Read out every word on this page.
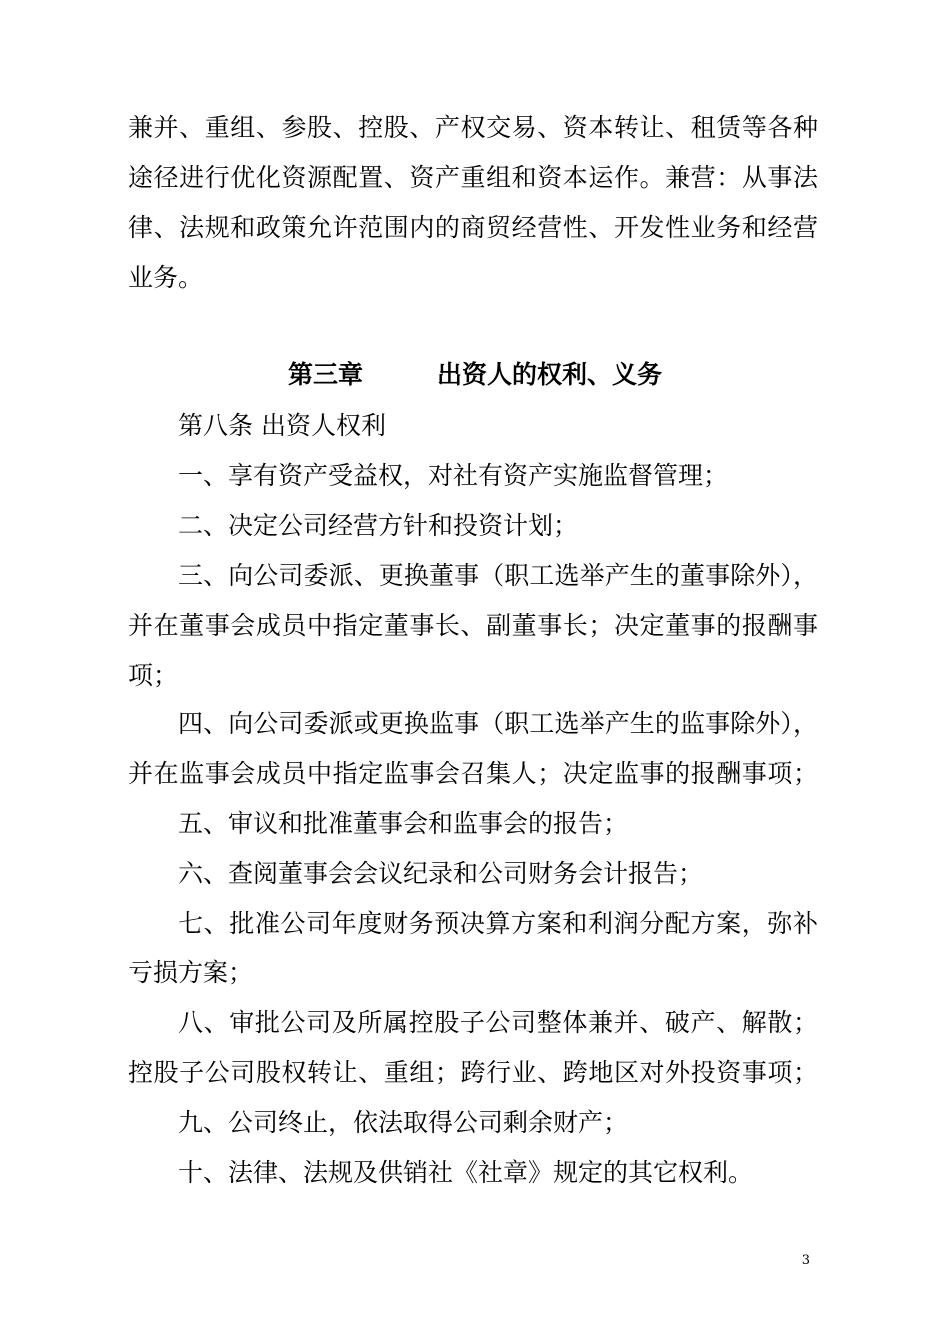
兼并、重组、参股、控股、产权交易、资本转让、租赁等各种
途径进行优化资源配置、资产重组和资本运作。兼营：从事法
律、法规和政策允许范围内的商贸经营性、开发性业务和经营
业务。
第三章	出资人的权利、义务
第八条 出资人权利
一、享有资产受益权，对社有资产实施监督管理；
二、决定公司经营方针和投资计划；
三、向公司委派、更换董事（职工选举产生的董事除外），
并在董事会成员中指定董事长、副董事长；决定董事的报酬事
项；
四、向公司委派或更换监事（职工选举产生的监事除外），
并在监事会成员中指定监事会召集人；决定监事的报酬事项；
五、审议和批准董事会和监事会的报告；
六、查阅董事会会议纪录和公司财务会计报告；
七、批准公司年度财务预决算方案和利润分配方案，弥补
亏损方案；
八、审批公司及所属控股子公司整体兼并、破产、解散；
控股子公司股权转让、重组；跨行业、跨地区对外投资事项；
九、公司终止，依法取得公司剩余财产；
十、法律、法规及供销社《社章》规定的其它权利。
3
